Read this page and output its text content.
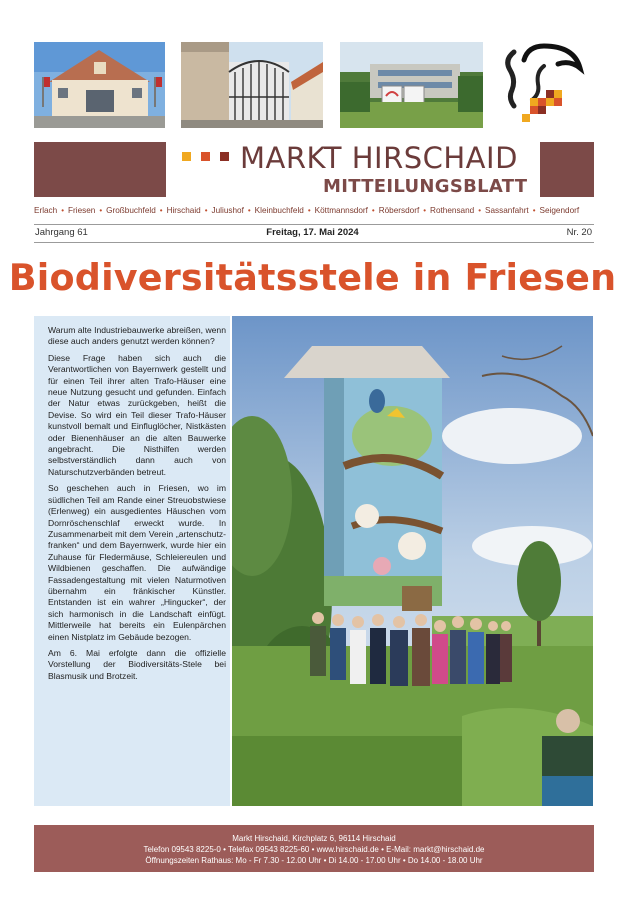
MARKT HIRSCHAID
MITTEILUNGSBLATT
Erlach • Friesen • Großbuchfeld • Hirschaid • Juliushof • Kleinbuchfeld • Köttmannsdorf • Röbersdorf • Rothensand • Sassanfahrt • Seigendorf
Jahrgang 61	Freitag, 17. Mai 2024	Nr. 20
Biodiversitätsstele in Friesen

Warum alte Industriebauwerke abreißen, wenn diese auch anders genutzt werden können?

Diese Frage haben sich auch die Verantwortlichen von Bayernwerk gestellt und für einen Teil ihrer alten Trafo-Häuser eine neue Nutzung gesucht und gefunden. Einfach der Natur etwas zurückgeben, heißt die Devise. So wird ein Teil dieser Trafo-Häuser kunstvoll bemalt und Einfluglöcher, Nistkästen oder Bienenhäuser an die alten Bauwerke angebracht. Die Nisthilfen werden selbstverständlich dann auch von Naturschutzverbänden betreut.

So geschehen auch in Friesen, wo im südlichen Teil am Rande einer Streuobstwiese (Erlenweg) ein ausgedientes Häuschen vom Dornröschenschlaf erweckt wurde. In Zusammenarbeit mit dem Verein „artenschutz-franken“ und dem Bayernwerk, wurde hier ein Zuhause für Fledermäuse, Schleiereulen und Wildbienen geschaffen. Die aufwändige Fassadengestaltung mit vielen Naturmotiven übernahm ein fränkischer Künstler. Entstanden ist ein wahrer „Hingucker“, der sich harmonisch in die Landschaft einfügt. Mittlerweile hat bereits ein Eulenpärchen einen Nistplatz im Gebäude bezogen.

Am 6. Mai erfolgte dann die offizielle Vorstellung der Biodiversitäts-Stele bei Blasmusik und Brotzeit.

Markt Hirschaid, Kirchplatz 6, 96114 Hirschaid
Telefon 09543 8225-0 • Telefax 09543 8225-60 • www.hirschaid.de • E-Mail: markt@hirschaid.de
Öffnungszeiten Rathaus: Mo - Fr 7.30 - 12.00 Uhr • Di 14.00 - 17.00 Uhr • Do 14.00 - 18.00 Uhr
